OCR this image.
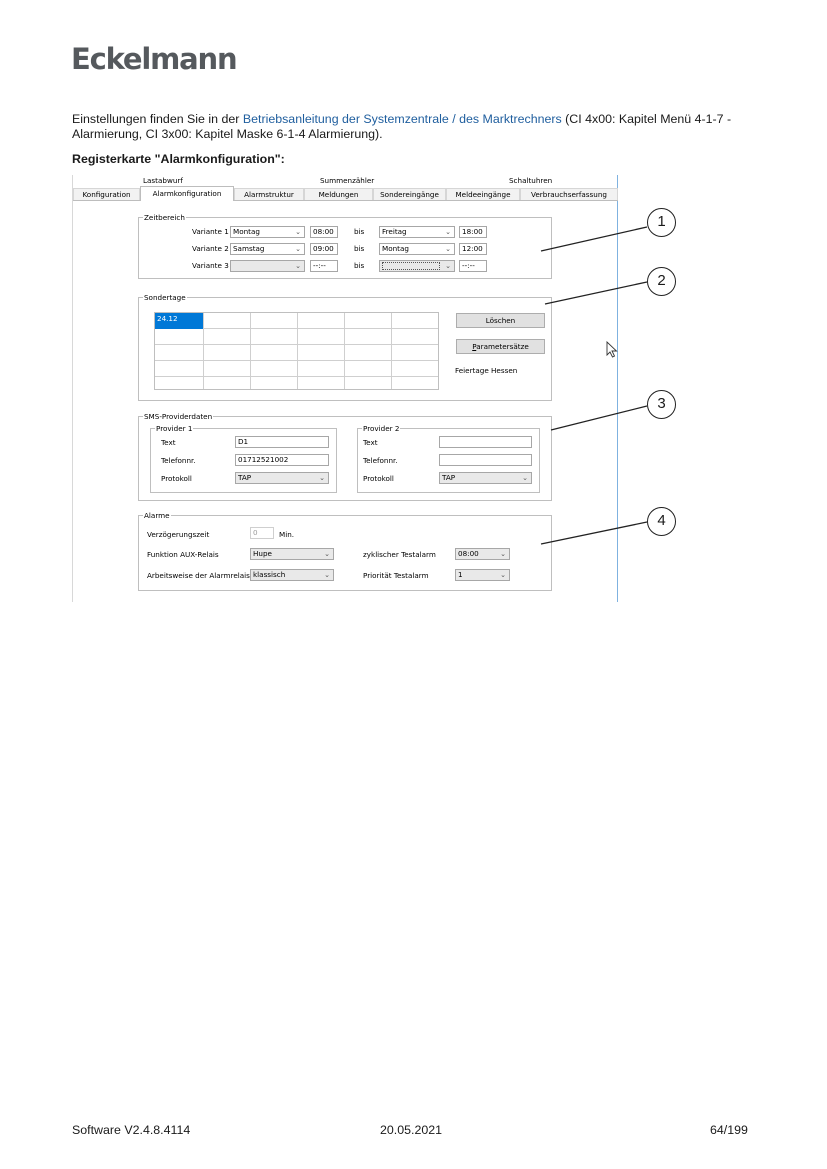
Eckelmann
Einstellungen finden Sie in der Betriebsanleitung der Systemzentrale / des Marktrechners (CI 4x00: Kapitel Menü 4-1-7 - Alarmierung, CI 3x00: Kapitel Maske 6-1-4 Alarmierung).
Registerkarte "Alarmkonfiguration":
Lastabwurf	Summenzähler	Schaltuhren
Konfiguration	Alarmkonfiguration	Alarmstruktur	Meldungen	Sondereingänge	Meldeeingänge	Verbrauchserfassung
Zeitbereich
Variante 1 Montag	⌄	08:00	bis	Freitag	⌄	18:00
Variante 2 Samstag	⌄	09:00	bis	Montag	⌄	12:00
Variante 3	⌄	--:--	bis	⌄	--:--
Sondertage
24.12	Löschen
Parametersätze
Feiertage Hessen
SMS-Providerdaten
Provider 1
Text	D1
Telefonnr.	01712521002
Protokoll	TAP	⌄
Provider 2
Text
Telefonnr.
Protokoll	TAP	⌄
Alarme
Verzögerungszeit	0	Min.
Funktion AUX-Relais	Hupe	⌄	zyklischer Testalarm	08:00	⌄
Arbeitsweise der Alarmrelais klassisch	⌄	Priorität Testalarm	1	⌄
1
2
3
4
Software V2.4.8.4114	20.05.2021	64/199
